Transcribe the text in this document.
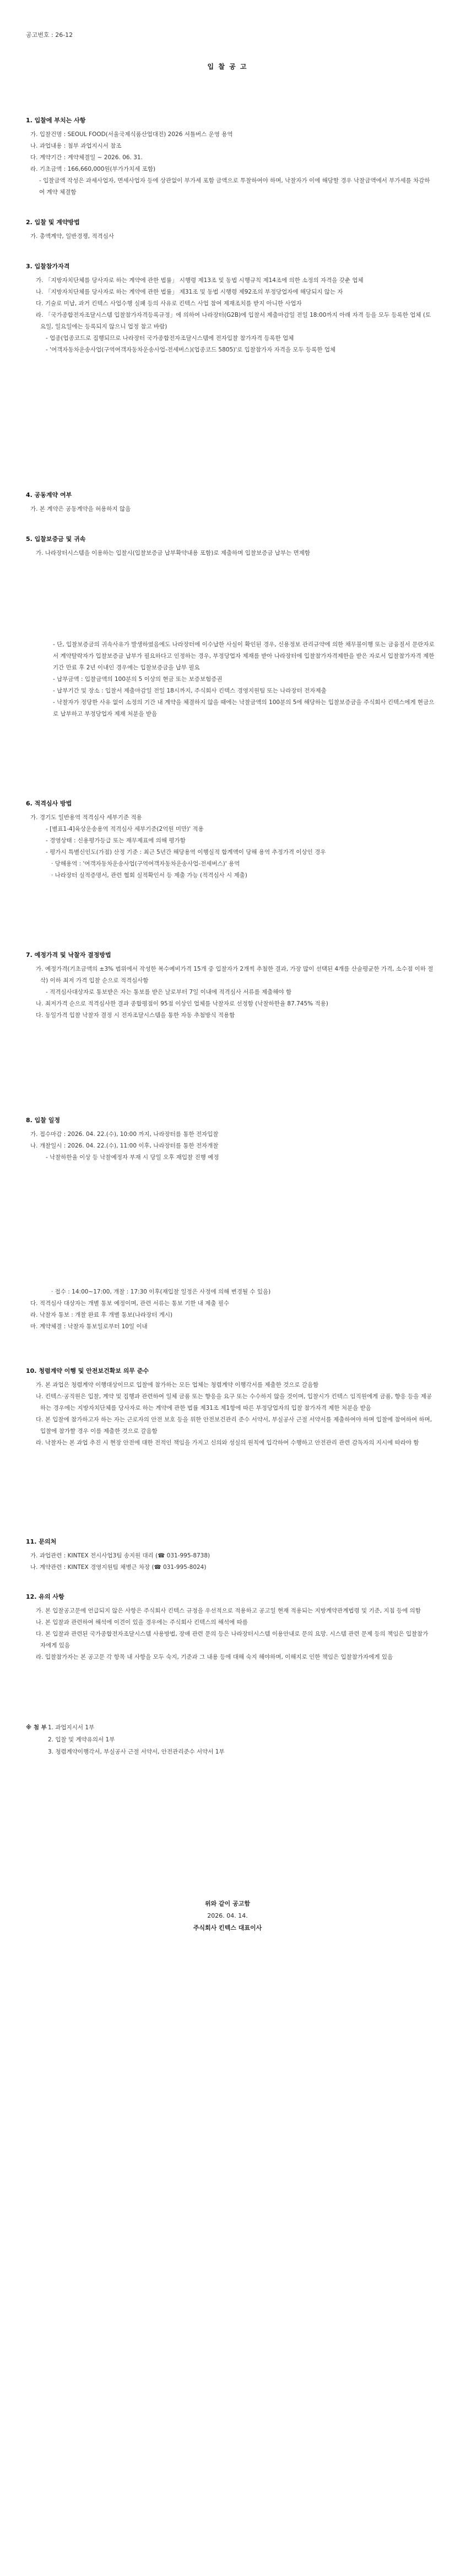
공고번호 : 26-12
입 찰 공 고
1. 입찰에 부치는 사항
가. 입찰건명 : SEOUL FOOD(서울국제식품산업대전) 2026 셔틀버스 운영 용역
나. 과업내용 : 첨부 과업지시서 참조
다. 계약기간 : 계약체결일 ~ 2026. 06. 31.
라. 기초금액 : 166,660,000원(부가가치세 포함)
- 입찰금액 작성은 과세사업자, 면세사업자 등에 상관없이 부가세 포함 금액으로 투찰하여야 하며, 낙찰자가 이에 해당할 경우 낙찰금액에서 부가세를 차감하여 계약 체결함
2. 입찰 및 계약방법
가. 총액계약, 일반경쟁, 적격심사
3. 입찰참가자격
가. 「지방자치단체를 당사자로 하는 계약에 관한 법률」 시행령 제13조 및 동법 시행규칙 제14조에 의한 소정의 자격을 갖춘 업체
나. 「지방자치단체를 당사자로 하는 계약에 관한 법률」 제31조 및 동법 시행령 제92조의 부정당업자에 해당되지 않는 자
다. 기술로 미납, 과거 킨텍스 사업수행 실패 등의 사유로 킨텍스 사업 참여 제재조치를 받지 아니한 사업자
라. 「국가종합전자조달시스템 입찰참가자격등록규정」에 의하여 나라장터(G2B)에 입찰서 제출마감일 전일 18:00까지 아래 자격 등을 모두 등록한 업체 (토요일, 일요일에는 등록되지 않으니 업정 참고 바람)
- 업종(업종코드로 집행되므로 나라장터 국가종합전자조달시스템에 전자입찰 참가자격 등록한 업체
- '여객자동차운송사업(구역여객자동차운송사업-전세버스)(업종코드 5805)'로 입찰참가자 자격을 모두 등록한 업체
4. 공동계약 여부
가. 본 계약은 공동계약을 허용하지 않음
5. 입찰보증금 및 귀속
가. 나라장터시스템을 이용하는 입찰시(입찰보증금 납부확약내용 포함)로 제출하며 입찰보증금 납부는 면제함
- 단, 입찰보증금의 귀속사유가 발생하였음에도 나라장터에 이수납한 사실이 확인된 경우, 신용정보 관리규약에 의한 채무불이행 또는 금융질서 문란자로서 계약탈락자가 입찰보증금 납부가 필요하다고 인정하는 경우, 부정당업자 제재를 받아 나라장터에 입찰참가자격제한을 받은 자로서 입찰참가자격 제한기간 만료 후 2년 이내인 경우에는 입찰보증금을 납부 필요
- 납부금액 : 입찰금액의 100분의 5 이상의 현금 또는 보증보험증권
- 납부기간 및 장소 : 입찰서 제출마감일 전일 18시까지, 주식회사 킨텍스 경영지원팀 또는 나라장터 전자제출
- 낙찰자가 정당한 사유 없이 소정의 기간 내 계약을 체결하지 않을 때에는 낙찰금액의 100분의 5에 해당하는 입찰보증금을 주식회사 킨텍스에게 현금으로 납부하고 부정당업자 제재 처분을 받음
6. 적격심사 방법
가. 경기도 일반용역 적격심사 세부기준 적용
- [별표1-4]육상운송용역 적격심사 세부기준(2억원 미만)' 적용
- 경영상태 : 신용평가등급 또는 재무제표에 의해 평가함
- 평가시 특별신인도(가점) 산정 기준 : 최근 5년간 해당용역 이행실적 합계액이 당해 용역 추정가격 이상인 경우
· 당해용역 : '여객자동차운송사업(구역여객자동차운송사업-전세버스)' 용역
· 나라장터 실적증명서, 관련 협회 실적확인서 등 제출 가능 (적격심사 시 제출)
7. 예정가격 및 낙찰자 결정방법
가. 예정가격(기초금액의 ±3% 범위에서 작성한 복수예비가격 15개 중 입찰자가 2개씩 추첨한 결과, 가장 많이 선택된 4개를 산술평균한 가격, 소수점 이하 절삭) 이하 최저 가격 입찰 순으로 적격심사함
- 적격심사대상자로 통보받은 자는 통보를 받은 날로부터 7일 이내에 적격심사 서류를 제출해야 함
나. 최저가격 순으로 적격심사한 결과 종합평점이 95점 이상인 업체를 낙찰자로 선정함 (낙찰하한율 87.745% 적용)
다. 동일가격 입찰 낙찰자 결정 시 전자조달시스템을 통한 자동 추첨방식 적용함
8. 입찰 일정
가. 접수마감 : 2026. 04. 22.(수), 10:00 까지, 나라장터를 통한 전자입찰
나. 개찰일시 : 2026. 04. 22.(수), 11:00 이후, 나라장터를 통한 전자개찰
- 낙찰하한율 이상 등 낙찰예정자 부재 시 당일 오후 재입찰 진행 예정
· 접수 : 14:00~17:00, 개찰 : 17:30 이후(재입찰 일정은 사정에 의해 변경될 수 있음)
다. 적격심사 대상자는 개별 통보 예정이며, 관련 서류는 통보 기한 내 제출 필수
라. 낙찰자 통보 : 개찰 완료 후 개별 통보(나라장터 게시)
마. 계약체결 : 낙찰자 통보일로부터 10일 이내
10. 청렴계약 이행 및 안전보건확보 의무 준수
가. 본 과업은 청렴계약 이행대상이므로 입찰에 참가하는 모든 업체는 청렴계약 이행각서를 제출한 것으로 갈음함
나. 킨텍스·공직원은 입찰, 계약 및 집행과 관련하여 일체 금품 또는 향응을 요구 또는 수수하지 않을 것이며, 입찰시가 킨텍스 임직원에게 금품, 향응 등을 제공하는 경우에는 지방자치단체를 당사자로 하는 계약에 관한 법률 제31조 제1항에 따른 부정당업자의 입찰 참가자격 제한 처분을 받음
다. 본 입찰에 참가하고자 하는 자는 근로자의 안전 보호 등을 위한 안전보건관리 준수 서약서, 부실공사 근절 서약서를 제출하여야 하며 입찰에 참여하여 하며, 입찰에 참가할 경우 이를 제출한 것으로 갈음함
라. 낙찰자는 본 과업 추진 시 현장 안전에 대한 전적인 책임을 가지고 신의와 성실의 원칙에 입각하여 수행하고 안전관리 관련 감독자의 지시에 따라야 함
11. 문의처
가. 과업관련 : KINTEX 전시사업3팀 송지원 대리 (☎ 031-995-8738)
나. 계약관련 : KINTEX 경영지원팀 채병근 차장 (☎ 031-995-8024)
12. 유의 사항
가. 본 입찰공고문에 언급되지 않은 사항은 주식회사 킨텍스 규정을 우선적으로 적용하고 공고일 현재 적용되는 지방계약관계법령 및 기준, 지침 등에 의함
나. 본 입찰과 관련하여 해석에 이견이 있을 경우에는 주식회사 킨텍스의 해석에 따름
다. 본 입찰과 관련된 국가종합전자조달시스템 사용방법, 장애 관련 문의 등은 나라장터시스템 이용안내로 문의 요망. 시스템 관련 문제 등의 책임은 입찰참가자에게 있음
라. 입찰참가자는 본 공고문 각 항목 내 사항을 모두 숙지, 기준과 그 내용 등에 대해 숙지 해야하며, 이해지로 인한 책임은 입찰참가자에게 있음
※ 첨 부 1. 과업지시서 1부
2. 입찰 및 계약유의서 1부
3. 청렴계약이행각서, 부실공사 근절 서약서, 안전관리준수 서약서 1부
위와 같이 공고함
2026. 04. 14.
주식회사 킨텍스 대표이사
